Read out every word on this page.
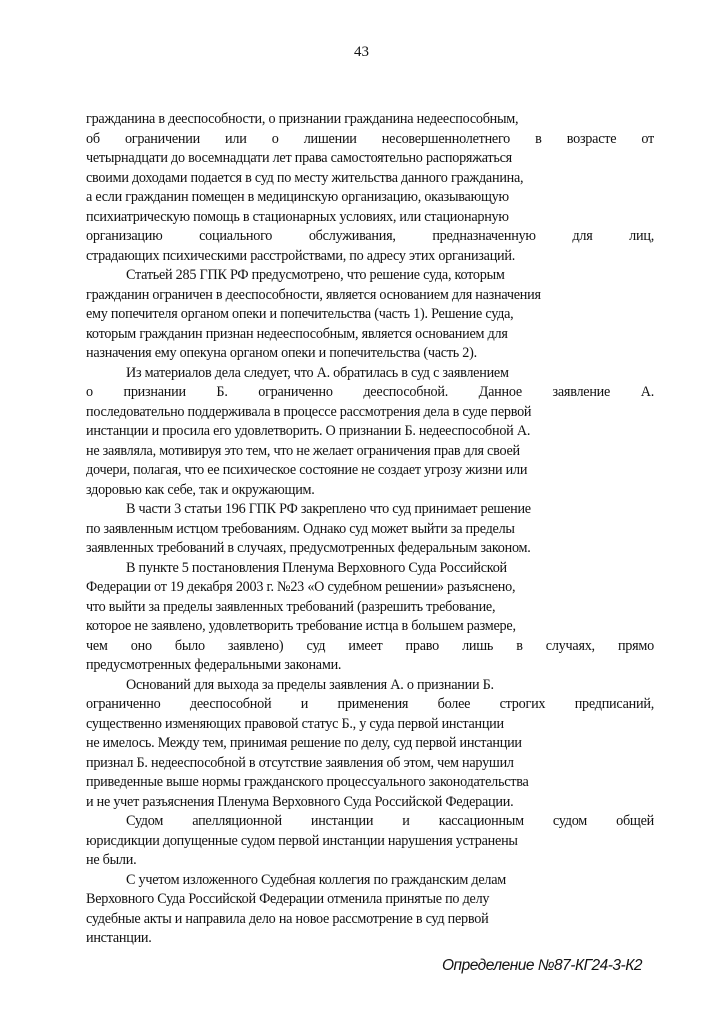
43

гражданина в дееспособности, о признании гражданина недееспособным,

об ограничении или о лишении несовершеннолетнего в возрасте от

четырнадцати до восемнадцати лет права самостоятельно распоряжаться

своими доходами подается в суд по месту жительства данного гражданина,

а если гражданин помещен в медицинскую организацию, оказывающую

психиатрическую помощь в стационарных условиях, или стационарную

организацию социального обслуживания, предназначенную для лиц,

страдающих психическими расстройствами, по адресу этих организаций.

Статьей 285 ГПК РФ предусмотрено, что решение суда, которым

гражданин ограничен в дееспособности, является основанием для назначения

ему попечителя органом опеки и попечительства (часть 1). Решение суда,

которым гражданин признан недееспособным, является основанием для

назначения ему опекуна органом опеки и попечительства (часть 2).

Из материалов дела следует, что А. обратилась в суд с заявлением

о признании Б. ограниченно дееспособной. Данное заявление А.

последовательно поддерживала в процессе рассмотрения дела в суде первой

инстанции и просила его удовлетворить. О признании Б. недееспособной А.

не заявляла, мотивируя это тем, что не желает ограничения прав для своей

дочери, полагая, что ее психическое состояние не создает угрозу жизни или

здоровью как себе, так и окружающим.

В части 3 статьи 196 ГПК РФ закреплено что суд принимает решение

по заявленным истцом требованиям. Однако суд может выйти за пределы

заявленных требований в случаях, предусмотренных федеральным законом.

В пункте 5 постановления Пленума Верховного Суда Российской

Федерации от 19 декабря 2003 г. №23 «О судебном решении» разъяснено,

что выйти за пределы заявленных требований (разрешить требование,

которое не заявлено, удовлетворить требование истца в большем размере,

чем оно было заявлено) суд имеет право лишь в случаях, прямо

предусмотренных федеральными законами.

Оснований для выхода за пределы заявления А. о признании Б.

ограниченно дееспособной и применения более строгих предписаний,

существенно изменяющих правовой статус Б., у суда первой инстанции

не имелось. Между тем, принимая решение по делу, суд первой инстанции

признал Б. недееспособной в отсутствие заявления об этом, чем нарушил

приведенные выше нормы гражданского процессуального законодательства

и не учет разъяснения Пленума Верховного Суда Российской Федерации.

Судом апелляционной инстанции и кассационным судом общей

юрисдикции допущенные судом первой инстанции нарушения устранены

не были.

С учетом изложенного Судебная коллегия по гражданским делам

Верховного Суда Российской Федерации отменила принятые по делу

судебные акты и направила дело на новое рассмотрение в суд первой

инстанции.

Определение №87-КГ24-3-К2
